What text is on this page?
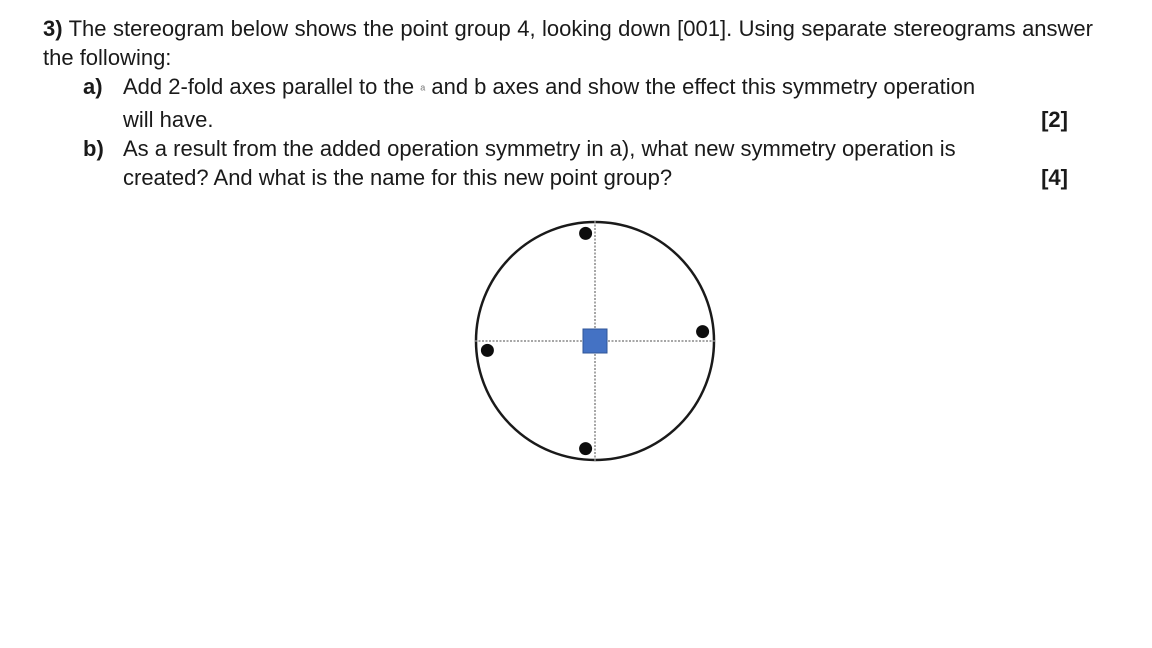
3) The stereogram below shows the point group 4, looking down [001]. Using separate stereograms answer the following:
a) Add 2-fold axes parallel to the a and b axes and show the effect this symmetry operation
will have.	[2]
b) As a result from the added operation symmetry in a), what new symmetry operation is
created? And what is the name for this new point group?	[4]
